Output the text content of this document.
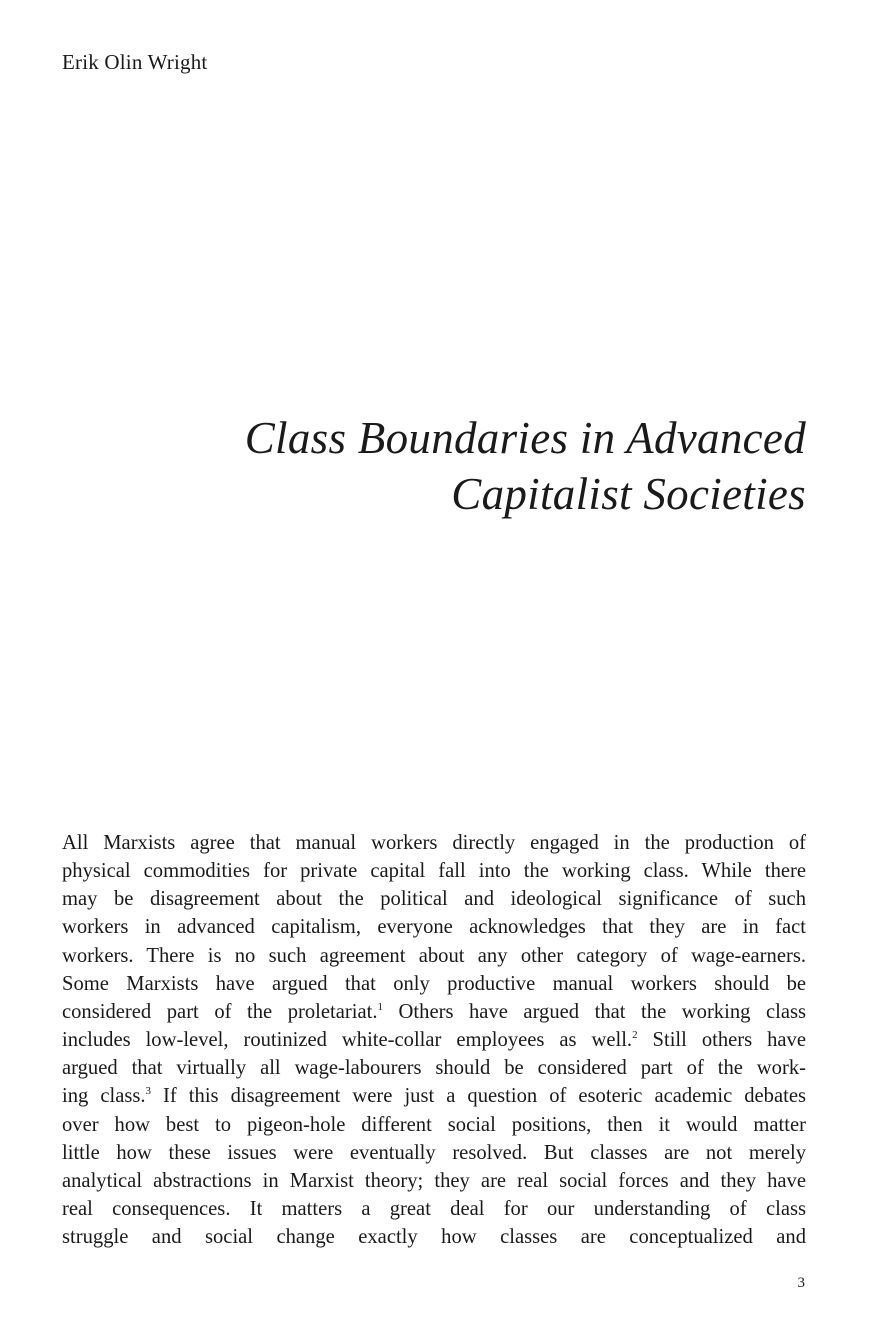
Erik Olin Wright

Class Boundaries in Advanced
Capitalist Societies
All Marxists agree that manual workers directly engaged in the production of
physical commodities for private capital fall into the working class. While there
may be disagreement about the political and ideological significance of such
workers in advanced capitalism, everyone acknowledges that they are in fact
workers. There is no such agreement about any other category of wage-earners.
Some Marxists have argued that only productive manual workers should be
considered part of the proletariat.$^1$ Others have argued that the working class
includes low-level, routinized white-collar employees as well.$^2$ Still others have
argued that virtually all wage-labourers should be considered part of the work-
ing class.$^3$ If this disagreement were just a question of esoteric academic debates
over how best to pigeon-hole different social positions, then it would matter
little how these issues were eventually resolved. But classes are not merely
analytical abstractions in Marxist theory; they are real social forces and they have
real consequences. It matters a great deal for our understanding of class
struggle and social change exactly how classes are conceptualized and

3
